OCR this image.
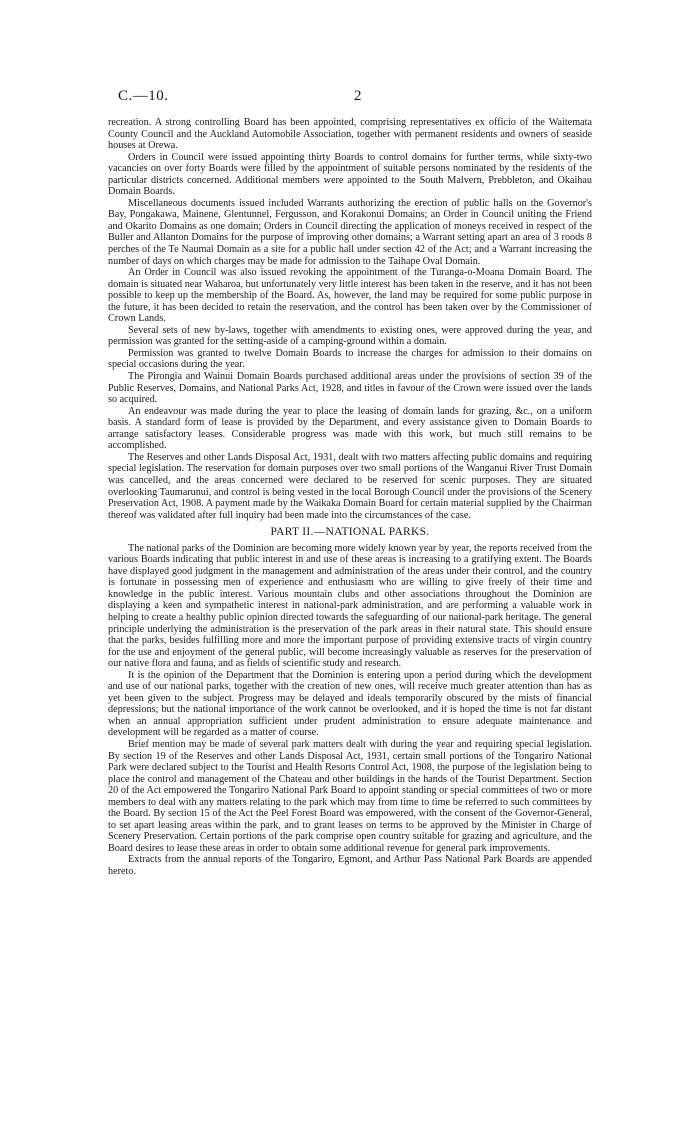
C.—10.	2

recreation. A strong controlling Board has been appointed, comprising representatives ex officio of the Waitemata County Council and the Auckland Automobile Association, together with permanent residents and owners of seaside houses at Orewa.

Orders in Council were issued appointing thirty Boards to control domains for further terms, while sixty-two vacancies on over forty Boards were filled by the appointment of suitable persons nominated by the residents of the particular districts concerned. Additional members were appointed to the South Malvern, Prebbleton, and Okaihau Domain Boards.

Miscellaneous documents issued included Warrants authorizing the erection of public halls on the Governor's Bay, Pongakawa, Mainene, Glentunnel, Fergusson, and Korakonui Domains; an Order in Council uniting the Friend and Okarito Domains as one domain; Orders in Council directing the application of moneys received in respect of the Buller and Allanton Domains for the purpose of improving other domains; a Warrant setting apart an area of 3 roods 8 perches of the Te Naumai Domain as a site for a public hall under section 42 of the Act; and a Warrant increasing the number of days on which charges may be made for admission to the Taihape Oval Domain.

An Order in Council was also issued revoking the appointment of the Turanga-o-Moana Domain Board. The domain is situated near Waharoa, but unfortunately very little interest has been taken in the reserve, and it has not been possible to keep up the membership of the Board. As, however, the land may be required for some public purpose in the future, it has been decided to retain the reservation, and the control has been taken over by the Commissioner of Crown Lands.

Several sets of new by-laws, together with amendments to existing ones, were approved during the year, and permission was granted for the setting-aside of a camping-ground within a domain.

Permission was granted to twelve Domain Boards to increase the charges for admission to their domains on special occasions during the year.

The Pirongia and Wainui Domain Boards purchased additional areas under the provisions of section 39 of the Public Reserves, Domains, and National Parks Act, 1928, and titles in favour of the Crown were issued over the lands so acquired.

An endeavour was made during the year to place the leasing of domain lands for grazing, &c., on a uniform basis. A standard form of lease is provided by the Department, and every assistance given to Domain Boards to arrange satisfactory leases. Considerable progress was made with this work, but much still remains to be accomplished.

The Reserves and other Lands Disposal Act, 1931, dealt with two matters affecting public domains and requiring special legislation. The reservation for domain purposes over two small portions of the Wanganui River Trust Domain was cancelled, and the areas concerned were declared to be reserved for scenic purposes. They are situated overlooking Taumarunui, and control is being vested in the local Borough Council under the provisions of the Scenery Preservation Act, 1908. A payment made by the Waikaka Domain Board for certain material supplied by the Chairman thereof was validated after full inquiry had been made into the circumstances of the case.

PART II.—NATIONAL PARKS.

The national parks of the Dominion are becoming more widely known year by year, the reports received from the various Boards indicating that public interest in and use of these areas is increasing to a gratifying extent. The Boards have displayed good judgment in the management and administration of the areas under their control, and the country is fortunate in possessing men of experience and enthusiasm who are willing to give freely of their time and knowledge in the public interest. Various mountain clubs and other associations throughout the Dominion are displaying a keen and sympathetic interest in national-park administration, and are performing a valuable work in helping to create a healthy public opinion directed towards the safeguarding of our national-park heritage. The general principle underlying the administration is the preservation of the park areas in their natural state. This should ensure that the parks, besides fulfilling more and more the important purpose of providing extensive tracts of virgin country for the use and enjoyment of the general public, will become increasingly valuable as reserves for the preservation of our native flora and fauna, and as fields of scientific study and research.

It is the opinion of the Department that the Dominion is entering upon a period during which the development and use of our national parks, together with the creation of new ones, will receive much greater attention than has as yet been given to the subject. Progress may be delayed and ideals temporarily obscured by the mists of financial depressions; but the national importance of the work cannot be overlooked, and it is hoped the time is not far distant when an annual appropriation sufficient under prudent administration to ensure adequate maintenance and development will be regarded as a matter of course.

Brief mention may be made of several park matters dealt with during the year and requiring special legislation. By section 19 of the Reserves and other Lands Disposal Act, 1931, certain small portions of the Tongariro National Park were declared subject to the Tourist and Health Resorts Control Act, 1908, the purpose of the legislation being to place the control and management of the Chateau and other buildings in the hands of the Tourist Department. Section 20 of the Act empowered the Tongariro National Park Board to appoint standing or special committees of two or more members to deal with any matters relating to the park which may from time to time be referred to such committees by the Board. By section 15 of the Act the Peel Forest Board was empowered, with the consent of the Governor-General, to set apart leasing areas within the park, and to grant leases on terms to be approved by the Minister in Charge of Scenery Preservation. Certain portions of the park comprise open country suitable for grazing and agriculture, and the Board desires to lease these areas in order to obtain some additional revenue for general park improvements.

Extracts from the annual reports of the Tongariro, Egmont, and Arthur Pass National Park Boards are appended hereto.
